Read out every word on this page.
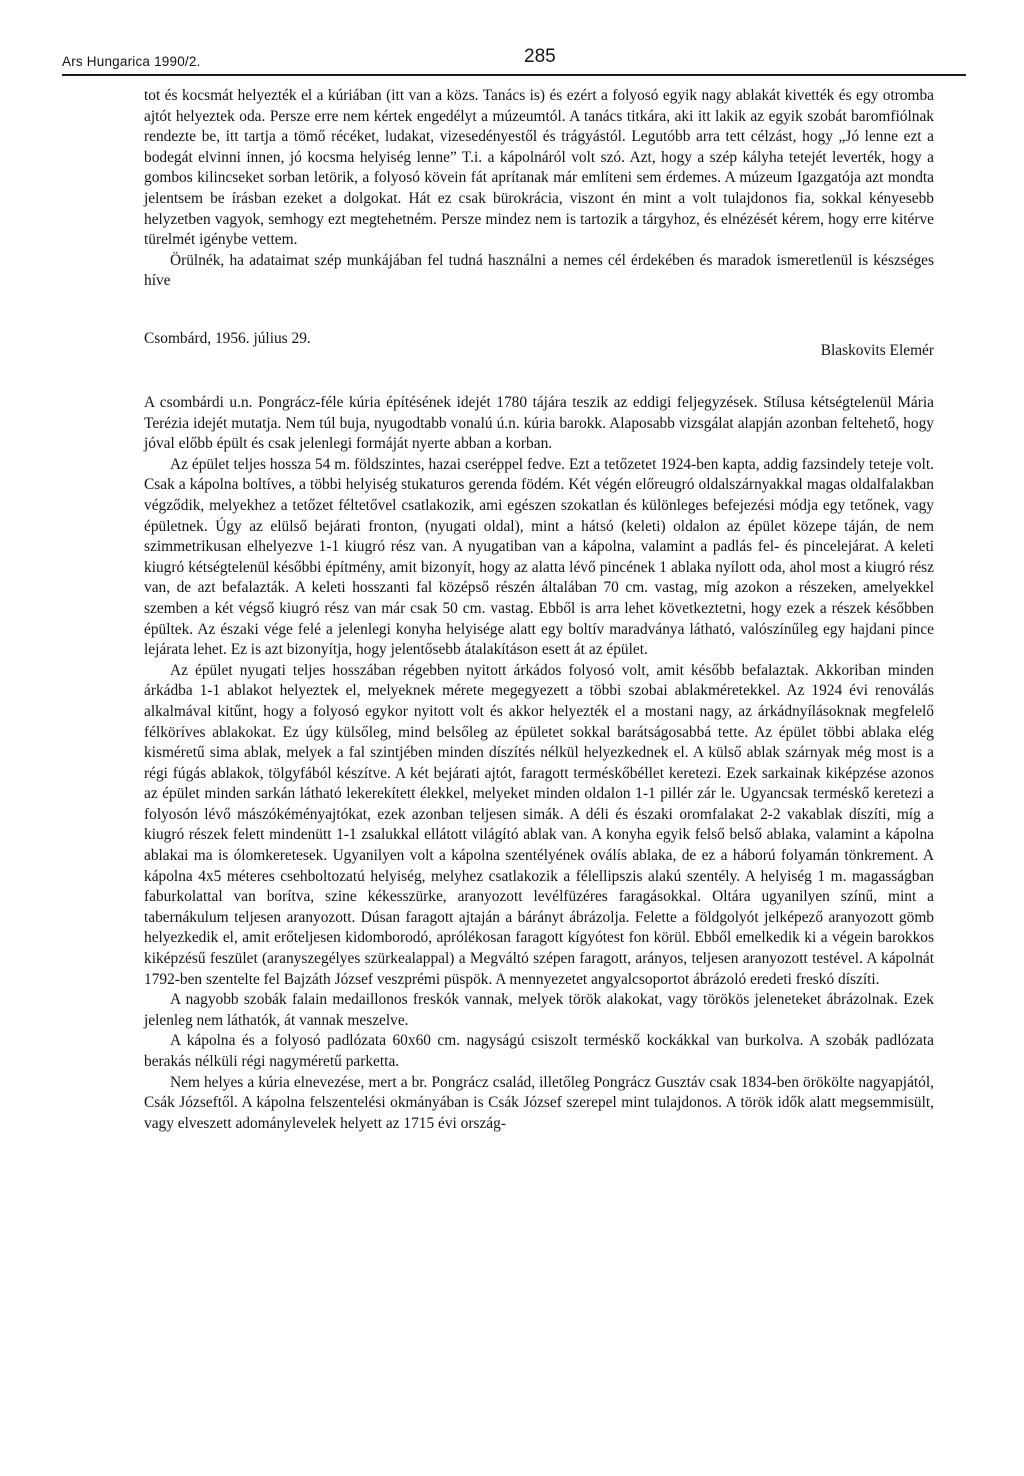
Ars Hungarica 1990/2.	285

tot és kocsmát helyezték el a kúriában (itt van a közs. Tanács is) és ezért a folyosó egyik nagy ablakát kivették és egy otromba ajtót helyeztek oda. Persze erre nem kértek engedélyt a múzeumtól. A tanács titkára, aki itt lakik az egyik szobát baromfiólnak rendezte be, itt tartja a tömő récéket, ludakat, vizesedényestől és trágyástól. Legutóbb arra tett célzást, hogy „Jó lenne ezt a bodegát elvinni innen, jó kocsma helyiség lenne” T.i. a kápolnáról volt szó. Azt, hogy a szép kályha tetejét leverték, hogy a gombos kilincseket sorban letörik, a folyosó kövein fát aprítanak már említeni sem érdemes. A múzeum Igazgatója azt mondta jelentsem be írásban ezeket a dolgokat. Hát ez csak bürokrácia, viszont én mint a volt tulajdonos fia, sokkal kényesebb helyzetben vagyok, semhogy ezt megtehetném. Persze mindez nem is tartozik a tárgyhoz, és elnézését kérem, hogy erre kitérve türelmét igénybe vettem.

Örülnék, ha adataimat szép munkájában fel tudná használni a nemes cél érdekében és maradok ismeretlenül is készséges híve

Csombárd, 1956. július 29.
Blaskovits Elemér

A csombárdi u.n. Pongrácz-féle kúria építésének idejét 1780 tájára teszik az eddigi feljegyzések. Stílusa kétségtelenül Mária Terézia idejét mutatja. Nem túl buja, nyugodtabb vonalú ú.n. kúria barokk. Alaposabb vizsgálat alapján azonban feltehető, hogy jóval előbb épült és csak jelenlegi formáját nyerte abban a korban.

Az épület teljes hossza 54 m. földszintes, hazai cseréppel fedve. Ezt a tetőzetet 1924-ben kapta, addig fazsindely teteje volt. Csak a kápolna boltíves, a többi helyiség stukaturos gerenda födém. Két végén előreugró oldalszárnyakkal magas oldalfalakban végződik, melyekhez a tetőzet féltetővel csatlakozik, ami egészen szokatlan és különleges befejezési módja egy tetőnek, vagy épületnek. Úgy az elülső bejárati fronton, (nyugati oldal), mint a hátsó (keleti) oldalon az épület közepe táján, de nem szimmetrikusan elhelyezve 1-1 kiugró rész van. A nyugatiban van a kápolna, valamint a padlás fel- és pincelejárat. A keleti kiugró kétségtelenül későbbi építmény, amit bizonyít, hogy az alatta lévő pincének 1 ablaka nyílott oda, ahol most a kiugró rész van, de azt befalazták. A keleti hosszanti fal középső részén általában 70 cm. vastag, míg azokon a részeken, amelyekkel szemben a két végső kiugró rész van már csak 50 cm. vastag. Ebből is arra lehet következtetni, hogy ezek a részek későbben épültek. Az északi vége felé a jelenlegi konyha helyisége alatt egy boltív maradványa látható, valószínűleg egy hajdani pince lejárata lehet. Ez is azt bizonyítja, hogy jelentősebb átalakításon esett át az épület.

Az épület nyugati teljes hosszában régebben nyitott árkádos folyosó volt, amit később befalaztak. Akkoriban minden árkádba 1-1 ablakot helyeztek el, melyeknek mérete megegyezett a többi szobai ablakméretekkel. Az 1924 évi renoválás alkalmával kitűnt, hogy a folyosó egykor nyitott volt és akkor helyezték el a mostani nagy, az árkádnyílásoknak megfelelő félköríves ablakokat. Ez úgy külsőleg, mind belsőleg az épületet sokkal barátságosabbá tette. Az épület többi ablaka elég kisméretű sima ablak, melyek a fal szintjében minden díszítés nélkül helyezkednek el. A külső ablak szárnyak még most is a régi fúgás ablakok, tölgyfából készítve. A két bejárati ajtót, faragott terméskőbéllet keretezi. Ezek sarkainak kiképzése azonos az épület minden sarkán látható lekerekített élekkel, melyeket minden oldalon 1-1 pillér zár le. Ugyancsak terméskő keretezi a folyosón lévő mászókéményajtókat, ezek azonban teljesen simák. A déli és északi oromfalakat 2-2 vakablak díszíti, míg a kiugró részek felett mindenütt 1-1 zsalukkal ellátott világító ablak van. A konyha egyik felső belső ablaka, valamint a kápolna ablakai ma is ólomkeretesek. Ugyanilyen volt a kápolna szentélyének oválís ablaka, de ez a háború folyamán tönkrement. A kápolna 4x5 méteres csehboltozatú helyiség, melyhez csatlakozik a félellipszis alakú szentély. A helyiség 1 m. magasságban faburkolattal van borítva, szine kékesszürke, aranyozott levélfüzéres faragásokkal. Oltára ugyanilyen színű, mint a tabernákulum teljesen aranyozott. Dúsan faragott ajtaján a bárányt ábrázolja. Felette a földgolyót jelképező aranyozott gömb helyezkedik el, amit erőteljesen kidomborodó, aprólékosan faragott kígyótest fon körül. Ebből emelkedik ki a végein barokkos kiképzésű feszület (aranyszegélyes szürkealappal) a Megváltó szépen faragott, arányos, teljesen aranyozott testével. A kápolnát 1792-ben szentelte fel Bajzáth József veszprémi püspök. A mennyezetet angyalcsoportot ábrázoló eredeti freskó díszíti.

A nagyobb szobák falain medaillonos freskók vannak, melyek török alakokat, vagy törökös jeleneteket ábrázolnak. Ezek jelenleg nem láthatók, át vannak meszelve.

A kápolna és a folyosó padlózata 60x60 cm. nagyságú csiszolt terméskő kockákkal van burkolva. A szobák padlózata berakás nélküli régi nagyméretű parketta.

Nem helyes a kúria elnevezése, mert a br. Pongrácz család, illetőleg Pongrácz Gusztáv csak 1834-ben örökölte nagyapjától, Csák Józseftől. A kápolna felszentelési okmányában is Csák József szerepel mint tulajdonos. A török idők alatt megsemmisült, vagy elveszett adománylevelek helyett az 1715 évi ország-
